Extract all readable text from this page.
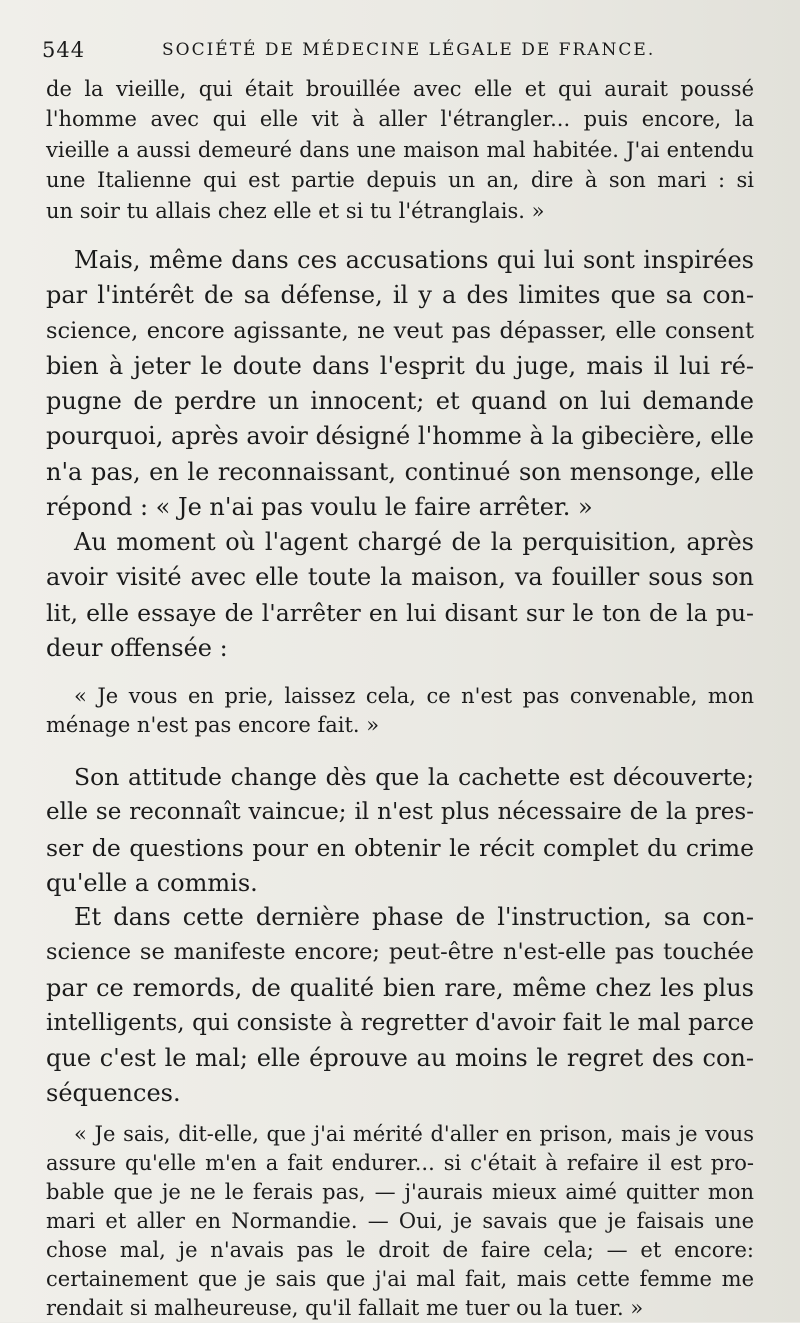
544	SOCIÉTÉ DE MÉDECINE LÉGALE DE FRANCE.
de la vieille, qui était brouillée avec elle et qui aurait poussé
l'homme avec qui elle vit à aller l'étrangler... puis encore, la
vieille a aussi demeuré dans une maison mal habitée. J'ai entendu
une Italienne qui est partie depuis un an, dire à son mari : si
un soir tu allais chez elle et si tu l'étranglais. »
Mais, même dans ces accusations qui lui sont inspirées
par l'intérêt de sa défense, il y a des limites que sa con-
science, encore agissante, ne veut pas dépasser, elle consent
bien à jeter le doute dans l'esprit du juge, mais il lui ré-
pugne de perdre un innocent; et quand on lui demande
pourquoi, après avoir désigné l'homme à la gibecière, elle
n'a pas, en le reconnaissant, continué son mensonge, elle
répond : « Je n'ai pas voulu le faire arrêter. »
Au moment où l'agent chargé de la perquisition, après
avoir visité avec elle toute la maison, va fouiller sous son
lit, elle essaye de l'arrêter en lui disant sur le ton de la pu-
deur offensée :
« Je vous en prie, laissez cela, ce n'est pas convenable, mon
ménage n'est pas encore fait. »
Son attitude change dès que la cachette est découverte;
elle se reconnaît vaincue; il n'est plus nécessaire de la pres-
ser de questions pour en obtenir le récit complet du crime
qu'elle a commis.
Et dans cette dernière phase de l'instruction, sa con-
science se manifeste encore; peut-être n'est-elle pas touchée
par ce remords, de qualité bien rare, même chez les plus
intelligents, qui consiste à regretter d'avoir fait le mal parce
que c'est le mal; elle éprouve au moins le regret des con-
séquences.
« Je sais, dit-elle, que j'ai mérité d'aller en prison, mais je vous
assure qu'elle m'en a fait endurer... si c'était à refaire il est pro-
bable que je ne le ferais pas, — j'aurais mieux aimé quitter mon
mari et aller en Normandie. — Oui, je savais que je faisais une
chose mal, je n'avais pas le droit de faire cela; — et encore:
certainement que je sais que j'ai mal fait, mais cette femme me
rendait si malheureuse, qu'il fallait me tuer ou la tuer. »
